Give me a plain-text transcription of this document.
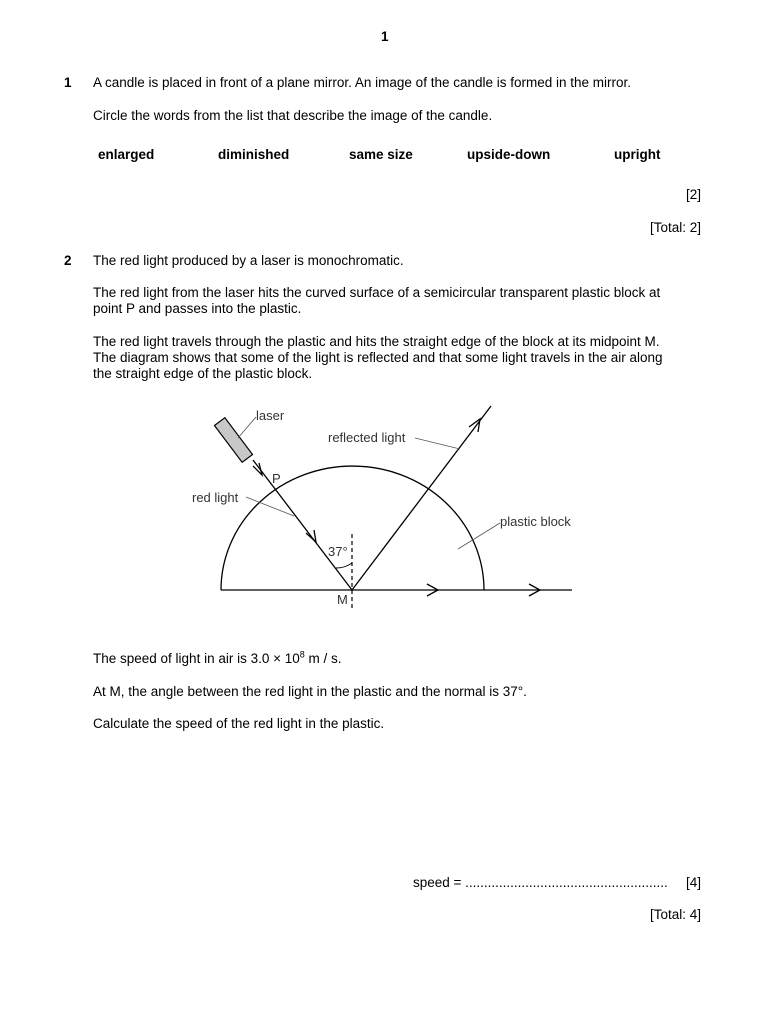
1
1 A candle is placed in front of a plane mirror. An image of the candle is formed in the mirror.
Circle the words from the list that describe the image of the candle.
enlarged	diminished	same size	upside-down	upright
[2]
[Total: 2]
2 The red light produced by a laser is monochromatic.
The red light from the laser hits the curved surface of a semicircular transparent plastic block at
point P and passes into the plastic.
The red light travels through the plastic and hits the straight edge of the block at its midpoint M.
The diagram shows that some of the light is reflected and that some light travels in the air along
the straight edge of the plastic block.
laser
reflected light
P
red light
plastic block
37°
M
The speed of light in air is $3.0 \times 10^8$ m / s.
At M, the angle between the red light in the plastic and the normal is 37°.
Calculate the speed of the red light in the plastic.
speed = ...................................................... [4]
[Total: 4]
